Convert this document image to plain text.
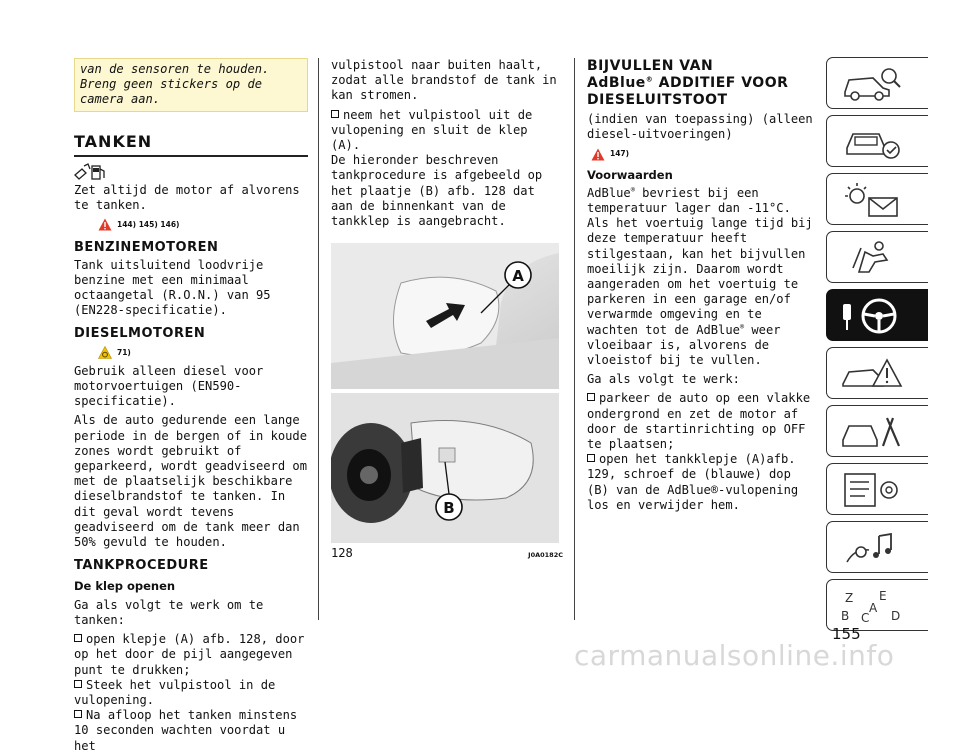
van de sensoren te houden. Breng geen stickers op de camera aan.

TANKEN

Zet altijd de motor af alvorens te tanken.

144) 145) 146)
BENZINEMOTOREN

Tank uitsluitend loodvrije benzine met een minimaal octaangetal (R.O.N.) van 95 (EN228-specificatie).

DIESELMOTOREN
71)

Gebruik alleen diesel voor motorvoertuigen (EN590-specificatie).

Als de auto gedurende een lange periode in de bergen of in koude zones wordt gebruikt of geparkeerd, wordt geadviseerd om met de plaatselijk beschikbare dieselbrandstof te tanken. In dit geval wordt tevens geadviseerd om de tank meer dan 50% gevuld te houden.

TANKPROCEDURE
De klep openen

Ga als volgt te werk om te tanken:

open klepje (A) afb. 128, door op het door de pijl aangegeven punt te drukken;

Steek het vulpistool in de vulopening.

Na afloop het tanken minstens 10 seconden wachten voordat u het

vulpistool naar buiten haalt, zodat alle brandstof de tank in kan stromen.

neem het vulpistool uit de vulopening en sluit de klep (A).

De hieronder beschreven tankprocedure is afgebeeld op het plaatje (B) afb. 128 dat aan de binnenkant van de tankklep is aangebracht.

A
B
128	J0A0182C
BIJVULLEN VAN
AdBlue® ADDITIEF VOOR
DIESELUITSTOOT

(indien van toepassing) (alleen diesel-uitvoeringen)

147)
Voorwaarden

AdBlue® bevriest bij een temperatuur lager dan -11°C. Als het voertuig lange tijd bij deze temperatuur heeft stilgestaan, kan het bijvullen moeilijk zijn. Daarom wordt aangeraden om het voertuig te parkeren in een garage en/of verwarmde omgeving en te wachten tot de AdBlue® weer vloeibaar is, alvorens de vloeistof bij te vullen.

Ga als volgt te werk:

parkeer de auto op een vlakke ondergrond en zet de motor af door de startinrichting op OFF te plaatsen;

open het tankklepje (A)afb. 129, schroef de (blauwe) dop (B) van de AdBlue®-vulopening los en verwijder hem.

Z E
B C D
A
155
carmanualsonline.info
